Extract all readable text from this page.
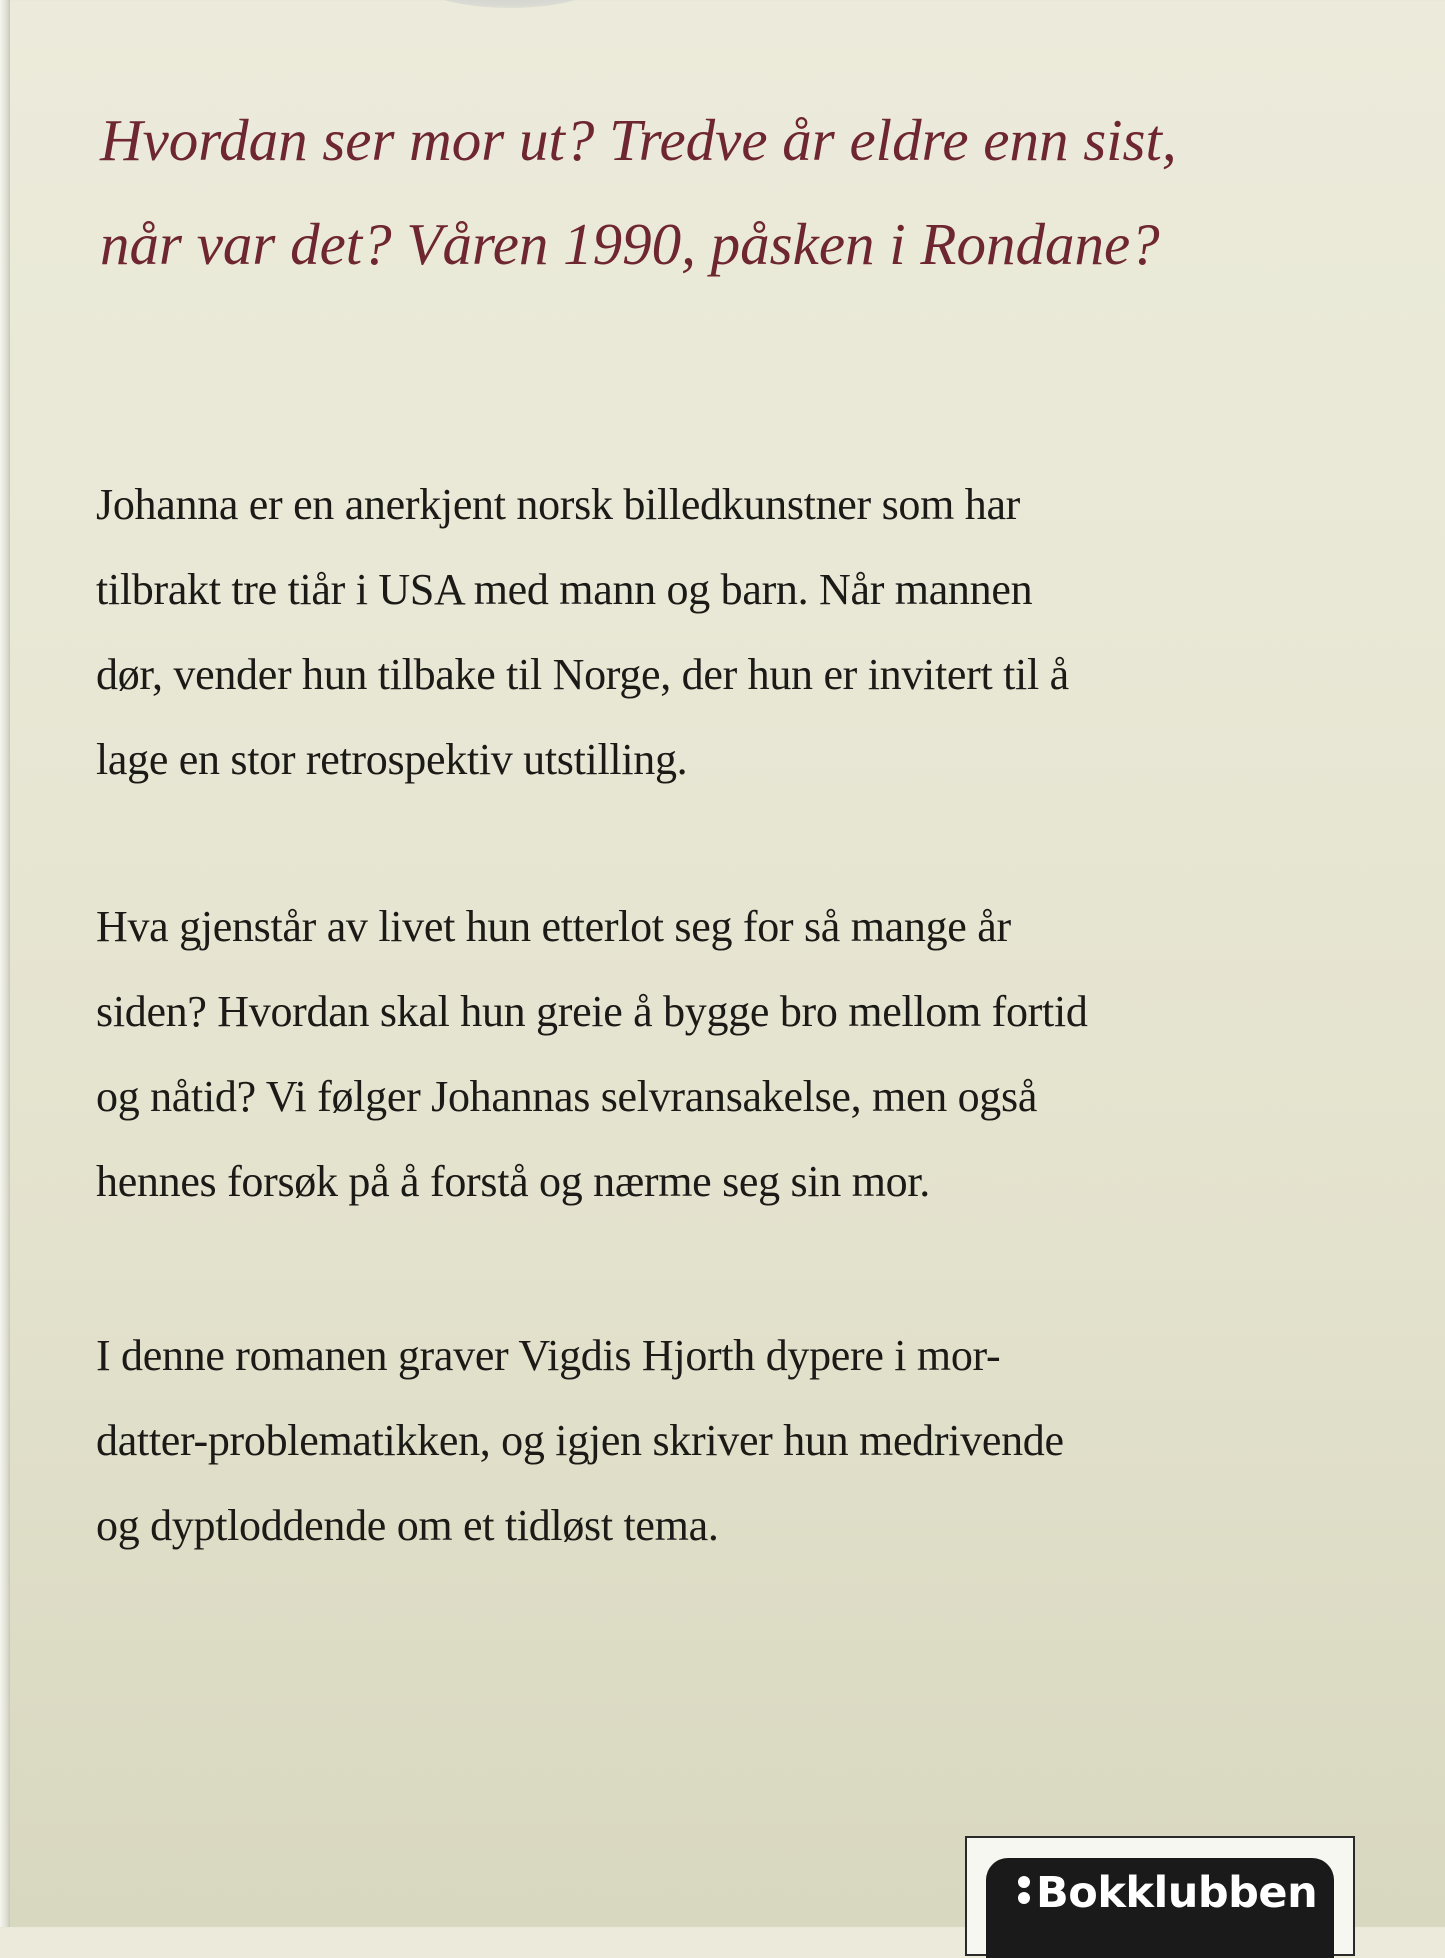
Hvordan ser mor ut? Tredve år eldre enn sist,
når var det? Våren 1990, påsken i Rondane?

Johanna er en anerkjent norsk billedkunstner som har
tilbrakt tre tiår i USA med mann og barn. Når mannen
dør, vender hun tilbake til Norge, der hun er invitert til å
lage en stor retrospektiv utstilling.

Hva gjenstår av livet hun etterlot seg for så mange år
siden? Hvordan skal hun greie å bygge bro mellom fortid
og nåtid? Vi følger Johannas selvransakelse, men også
hennes forsøk på å forstå og nærme seg sin mor.

I denne romanen graver Vigdis Hjorth dypere i mor-
datter-problematikken, og igjen skriver hun medrivende
og dyptloddende om et tidløst tema.

Bokklubben
